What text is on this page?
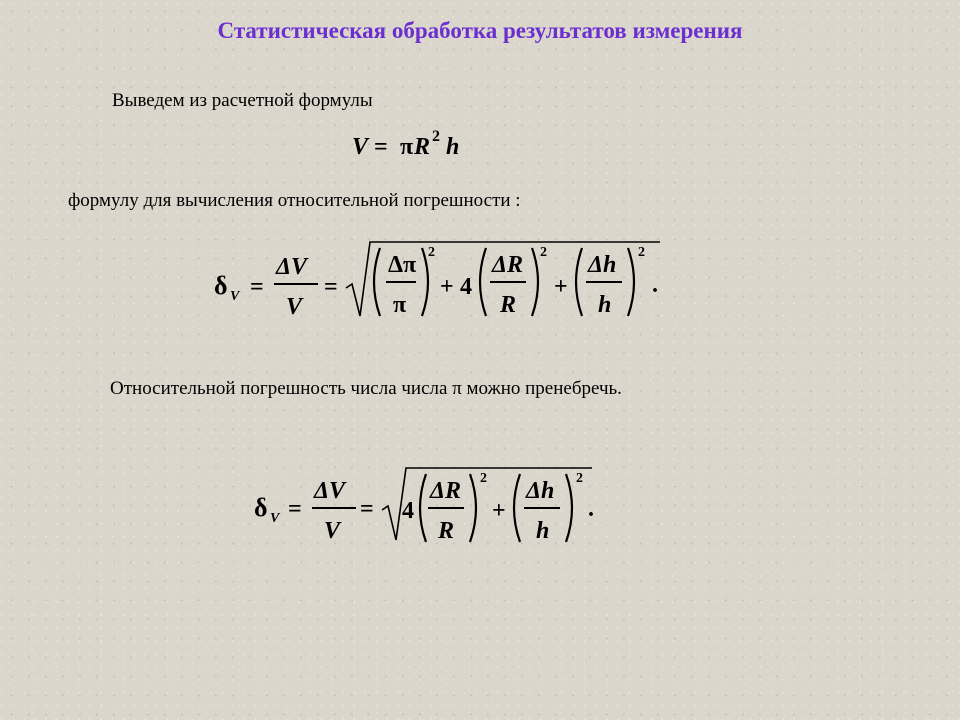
Статистическая обработка результатов измерения
Выведем из расчетной формулы
V = π R 2 h
формулу для вычисления относительной погрешности :
δ V =
ΔV
V
=
Δπ
π
2
+ 4
ΔR
R
2
+
Δh
h
2
.
Относительной погрешность числа числа π можно пренебречь.
δ V =
ΔV
V
= 4
ΔR
R
2
+
Δh
h
2
.
